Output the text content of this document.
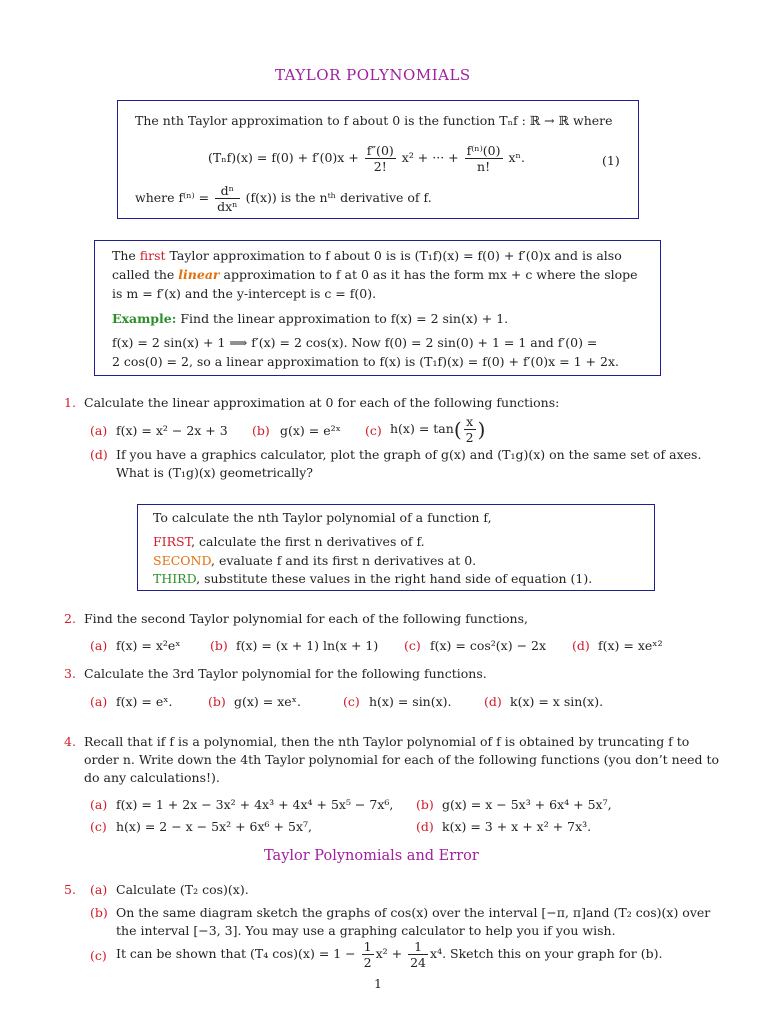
TAYLOR POLYNOMIALS
The nth Taylor approximation to f about 0 is the function Tₙf : ℝ → ℝ where
$(T_nf)(x) = f(0) + f'(0)x + \frac{f''(0)}{2!} x^2$ + ··· + $\frac{\text{f⁽ⁿ⁾(0)}}{n!} x^n$.	(1)
where $f^{(n)} = \frac{\text{dⁿ}}{\text{dxⁿ}} (f(x))$ is the nᵗʰ derivative of f.
The first Taylor approximation to f about 0 is is (T₁f)(x) = f(0) + f′(0)x and is also
called the linear approximation to f at 0 as it has the form mx + c where the slope
is m = f′(x) and the y-intercept is c = f(0).
Example: Find the linear approximation to f(x) = 2 sin(x) + 1.
f(x) = 2 sin(x) + 1 ⟹ f′(x) = 2 cos(x). Now f(0) = 2 sin(0) + 1 = 1 and f′(0) =
2 cos(0) = 2, so a linear approximation to f(x) is (T₁f)(x) = f(0) + f′(0)x = 1 + 2x.
1. Calculate the linear approximation at 0 for each of the following functions:
(a) f(x) = x² − 2x + 3 (b) g(x) = e²ˣ (c) $h(x) = \tan( \frac{x}{2}$ )
(d) If you have a graphics calculator, plot the graph of g(x) and (T₁g)(x) on the same set of axes.
What is (T₁g)(x) geometrically?
To calculate the nth Taylor polynomial of a function f,
FIRST, calculate the first n derivatives of f.
SECOND, evaluate f and its first n derivatives at 0.
THIRD, substitute these values in the right hand side of equation (1).
2. Find the second Taylor polynomial for each of the following functions,
(a) f(x) = x²eˣ (b) f(x) = (x + 1) ln(x + 1) (c) f(x) = cos²(x) − 2x (d) f(x) = xeˣ²
3. Calculate the 3rd Taylor polynomial for the following functions.
(a) f(x) = eˣ.	(b) g(x) = xeˣ.	(c) h(x) = sin(x).	(d) k(x) = x sin(x).
4. Recall that if f is a polynomial, then the nth Taylor polynomial of f is obtained by truncating f to
order n. Write down the 4th Taylor polynomial for each of the following functions (you don’t need to
do any calculations!).
(a) f(x) = 1 + 2x − 3x² + 4x³ + 4x⁴ + 5x⁵ − 7x⁶, (b) g(x) = x − 5x³ + 6x⁴ + 5x⁷,
(c) h(x) = 2 − x − 5x² + 6x⁶ + 5x⁷,	(d) k(x) = 3 + x + x² + 7x³.
Taylor Polynomials and Error
5. (a) Calculate (T₂ cos)(x).
(b) On the same diagram sketch the graphs of cos(x) over the interval [−π, π]and (T₂ cos)(x) over
the interval [−3, 3]. You may use a graphing calculator to help you if you wish.
(c) It can be shown that (T₄ $\cos)(x) = 1 - \frac{1}{2} x^2 + \frac{1}{24} x^4$. Sketch this on your graph for (b).
1
